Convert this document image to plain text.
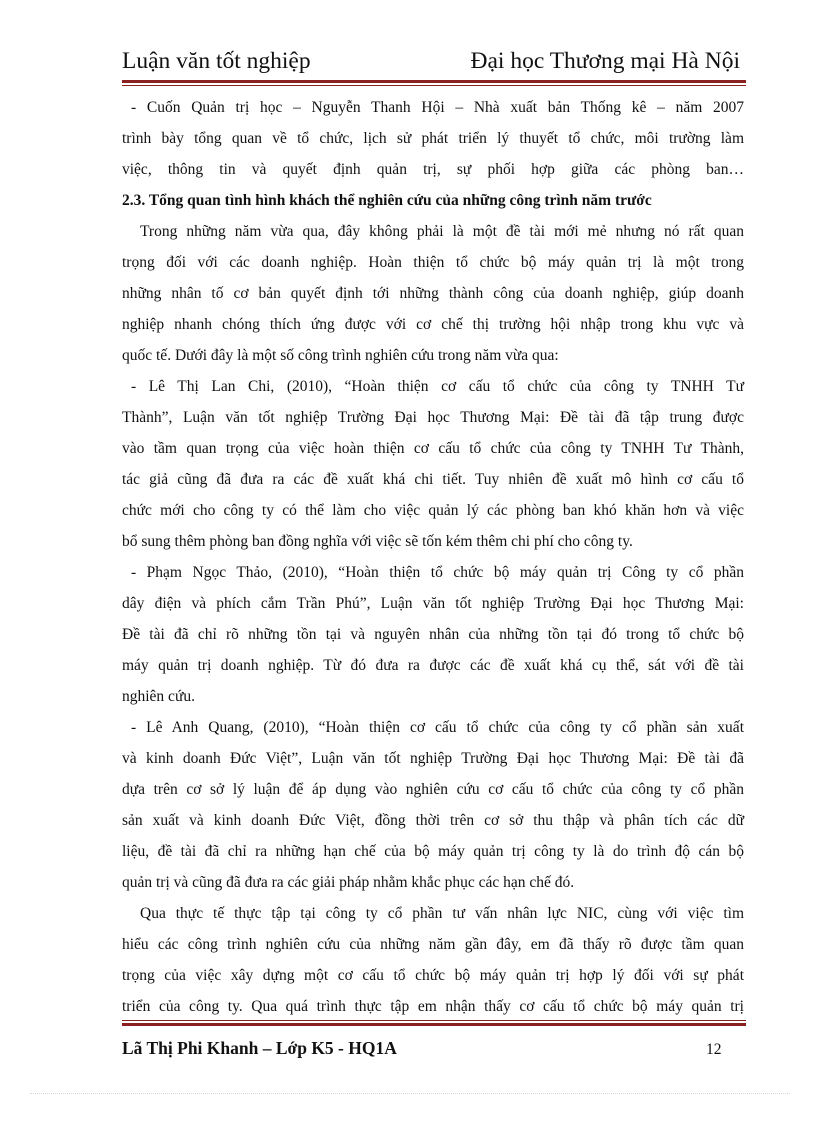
Luận văn tốt nghiệp	Đại học Thương mại Hà Nội
- Cuốn Quản trị học – Nguyễn Thanh Hội – Nhà xuất bản Thống kê – năm 2007
trình bày tổng quan về tổ chức, lịch sử phát triển lý thuyết tổ chức, môi trường làm
việc, thông tin và quyết định quản trị, sự phối hợp giữa các phòng ban…
2.3. Tổng quan tình hình khách thể nghiên cứu của những công trình năm trước
Trong những năm vừa qua, đây không phải là một đề tài mới mẻ nhưng nó rất quan
trọng đối với các doanh nghiệp. Hoàn thiện tổ chức bộ máy quản trị là một trong
những nhân tố cơ bản quyết định tới những thành công của doanh nghiệp, giúp doanh
nghiệp nhanh chóng thích ứng được với cơ chế thị trường hội nhập trong khu vực và
quốc tế. Dưới đây là một số công trình nghiên cứu trong năm vừa qua:
- Lê Thị Lan Chi, (2010), “Hoàn thiện cơ cấu tổ chức của công ty TNHH Tư
Thành”, Luận văn tốt nghiệp Trường Đại học Thương Mại: Đề tài đã tập trung được
vào tầm quan trọng của việc hoàn thiện cơ cấu tổ chức của công ty TNHH Tư Thành,
tác giả cũng đã đưa ra các đề xuất khá chi tiết. Tuy nhiên đề xuất mô hình cơ cấu tổ
chức mới cho công ty có thể làm cho việc quản lý các phòng ban khó khăn hơn và việc
bổ sung thêm phòng ban đồng nghĩa với việc sẽ tốn kém thêm chi phí cho công ty.
- Phạm Ngọc Thảo, (2010), “Hoàn thiện tổ chức bộ máy quản trị Công ty cổ phần
dây điện và phích cắm Trần Phú”, Luận văn tốt nghiệp Trường Đại học Thương Mại:
Đề tài đã chỉ rõ những tồn tại và nguyên nhân của những tồn tại đó trong tổ chức bộ
máy quản trị doanh nghiệp. Từ đó đưa ra được các đề xuất khá cụ thể, sát với đề tài
nghiên cứu.
- Lê Anh Quang, (2010), “Hoàn thiện cơ cấu tổ chức của công ty cổ phần sản xuất
và kinh doanh Đức Việt”, Luận văn tốt nghiệp Trường Đại học Thương Mại: Đề tài đã
dựa trên cơ sở lý luận để áp dụng vào nghiên cứu cơ cấu tổ chức của công ty cổ phần
sản xuất và kinh doanh Đức Việt, đồng thời trên cơ sở thu thập và phân tích các dữ
liệu, đề tài đã chỉ ra những hạn chế của bộ máy quản trị công ty là do trình độ cán bộ
quản trị và cũng đã đưa ra các giải pháp nhằm khắc phục các hạn chế đó.
Qua thực tế thực tập tại công ty cổ phần tư vấn nhân lực NIC, cùng với việc tìm
hiểu các công trình nghiên cứu của những năm gần đây, em đã thấy rõ được tầm quan
trọng của việc xây dựng một cơ cấu tổ chức bộ máy quản trị hợp lý đối với sự phát
triển của công ty. Qua quá trình thực tập em nhận thấy cơ cấu tổ chức bộ máy quản trị
Lã Thị Phi Khanh – Lớp K5 - HQ1A	12
